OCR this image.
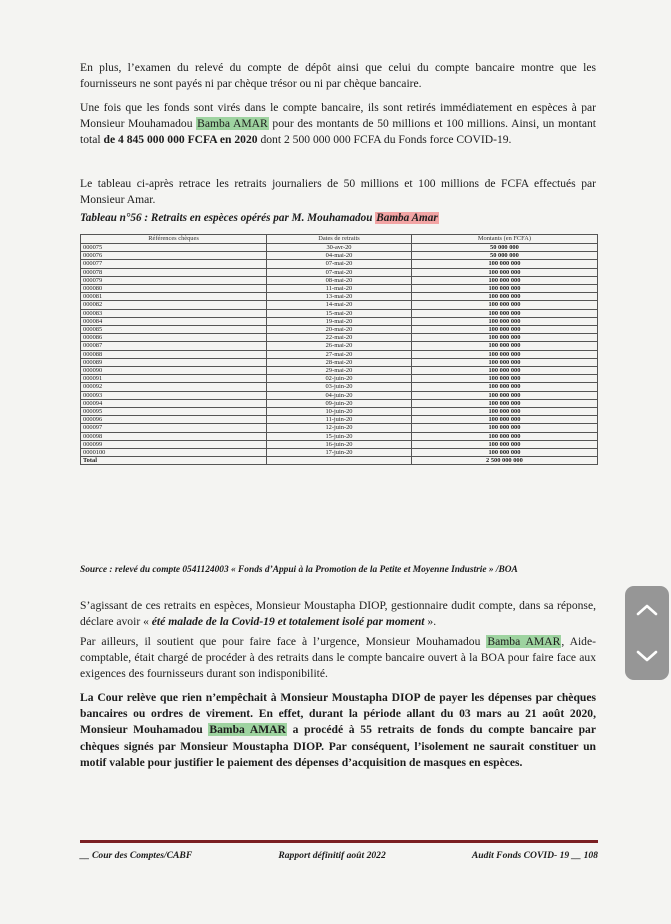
En plus, l’examen du relevé du compte de dépôt ainsi que celui du compte bancaire montre que les fournisseurs ne sont payés ni par chèque trésor ou ni par chèque bancaire.

Une fois que les fonds sont virés dans le compte bancaire, ils sont retirés immédiatement en espèces à par Monsieur Mouhamadou Bamba AMAR pour des montants de 50 millions et 100 millions. Ainsi, un montant total de 4 845 000 000 FCFA en 2020 dont 2 500 000 000 FCFA du Fonds force COVID-19.

Le tableau ci-après retrace les retraits journaliers de 50 millions et 100 millions de FCFA effectués par Monsieur Amar.

Tableau n°56 : Retraits en espèces opérés par M. Mouhamadou Bamba Amar

Références chèques	Dates de retraits	Montants (en FCFA)
000075	30-avr-20	50 000 000
000076	04-mai-20	50 000 000
000077	07-mai-20	100 000 000
000078	07-mai-20	100 000 000
000079	08-mai-20	100 000 000
000080	11-mai-20	100 000 000
000081	13-mai-20	100 000 000
000082	14-mai-20	100 000 000
000083	15-mai-20	100 000 000
000084	19-mai-20	100 000 000
000085	20-mai-20	100 000 000
000086	22-mai-20	100 000 000
000087	26-mai-20	100 000 000
000088	27-mai-20	100 000 000
000089	28-mai-20	100 000 000
000090	29-mai-20	100 000 000
000091	02-juin-20	100 000 000
000092	03-juin-20	100 000 000
000093	04-juin-20	100 000 000
000094	09-juin-20	100 000 000
000095	10-juin-20	100 000 000
000096	11-juin-20	100 000 000
000097	12-juin-20	100 000 000
000098	15-juin-20	100 000 000
000099	16-juin-20	100 000 000
0000100	17-juin-20	100 000 000
Total		2 500 000 000

Source : relevé du compte 0541124003 « Fonds d’Appui à la Promotion de la Petite et Moyenne Industrie » /BOA

S’agissant de ces retraits en espèces, Monsieur Moustapha DIOP, gestionnaire dudit compte, dans sa réponse, déclare avoir « été malade de la Covid-19 et totalement isolé par moment ».

Par ailleurs, il soutient que pour faire face à l’urgence, Monsieur Mouhamadou Bamba AMAR, Aide-comptable, était chargé de procéder à des retraits dans le compte bancaire ouvert à la BOA pour faire face aux exigences des fournisseurs durant son indisponibilité.

La Cour relève que rien n’empêchait à Monsieur Moustapha DIOP de payer les dépenses par chèques bancaires ou ordres de virement. En effet, durant la période allant du 03 mars au 21 août 2020, Monsieur Mouhamadou Bamba AMAR a procédé à 55 retraits de fonds du compte bancaire par chèques signés par Monsieur Moustapha DIOP. Par conséquent, l’isolement ne saurait constituer un motif valable pour justifier le paiement des dépenses d’acquisition de masques en espèces.

__ Cour des Comptes/CABF	Rapport définitif août 2022	Audit Fonds COVID- 19 __ 108
